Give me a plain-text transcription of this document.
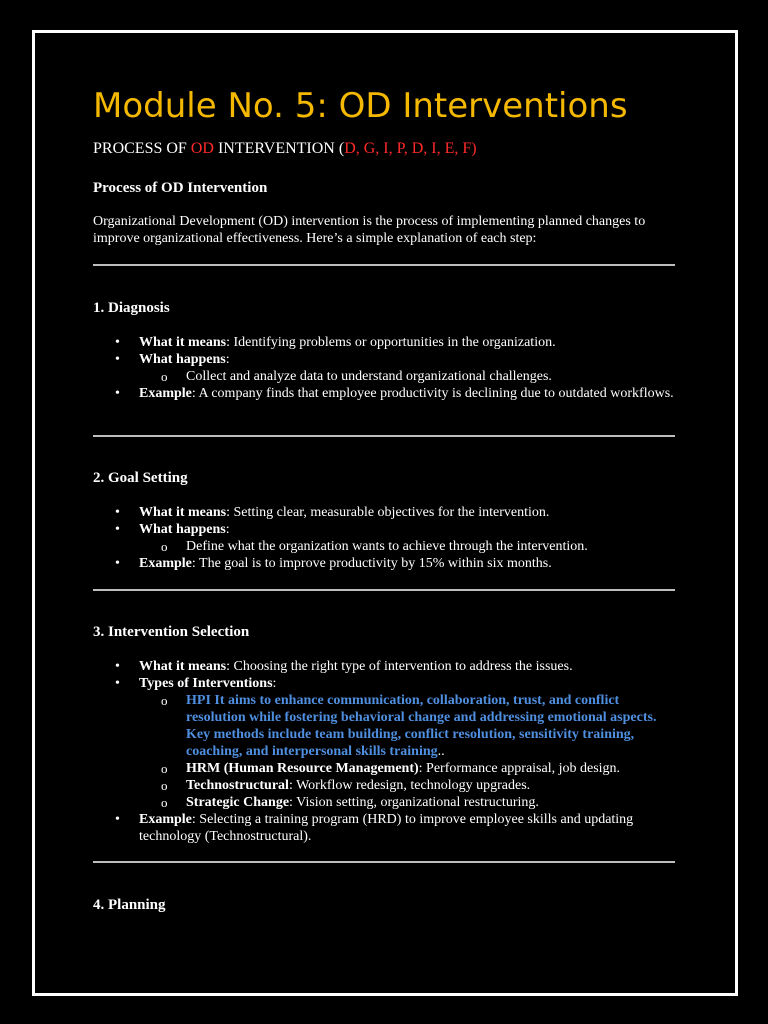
Module No. 5: OD Interventions

PROCESS OF OD INTERVENTION (D, G, I, P, D, I, E, F)

Process of OD Intervention

Organizational Development (OD) intervention is the process of implementing planned changes to improve organizational effectiveness. Here’s a simple explanation of each step:

1. Diagnosis
• What it means: Identifying problems or opportunities in the organization.
• What happens:
o Collect and analyze data to understand organizational challenges.
• Example: A company finds that employee productivity is declining due to outdated workflows.
2. Goal Setting
• What it means: Setting clear, measurable objectives for the intervention.
• What happens:
o Define what the organization wants to achieve through the intervention.
• Example: The goal is to improve productivity by 15% within six months.
3. Intervention Selection
• What it means: Choosing the right type of intervention to address the issues.
• Types of Interventions:
o HPI It aims to enhance communication, collaboration, trust, and conflict resolution while fostering behavioral change and addressing emotional aspects. Key methods include team building, conflict resolution, sensitivity training, coaching, and interpersonal skills training..
o HRM (Human Resource Management): Performance appraisal, job design.
o Technostructural: Workflow redesign, technology upgrades.
o Strategic Change: Vision setting, organizational restructuring.
• Example: Selecting a training program (HRD) to improve employee skills and updating technology (Technostructural).
4. Planning
